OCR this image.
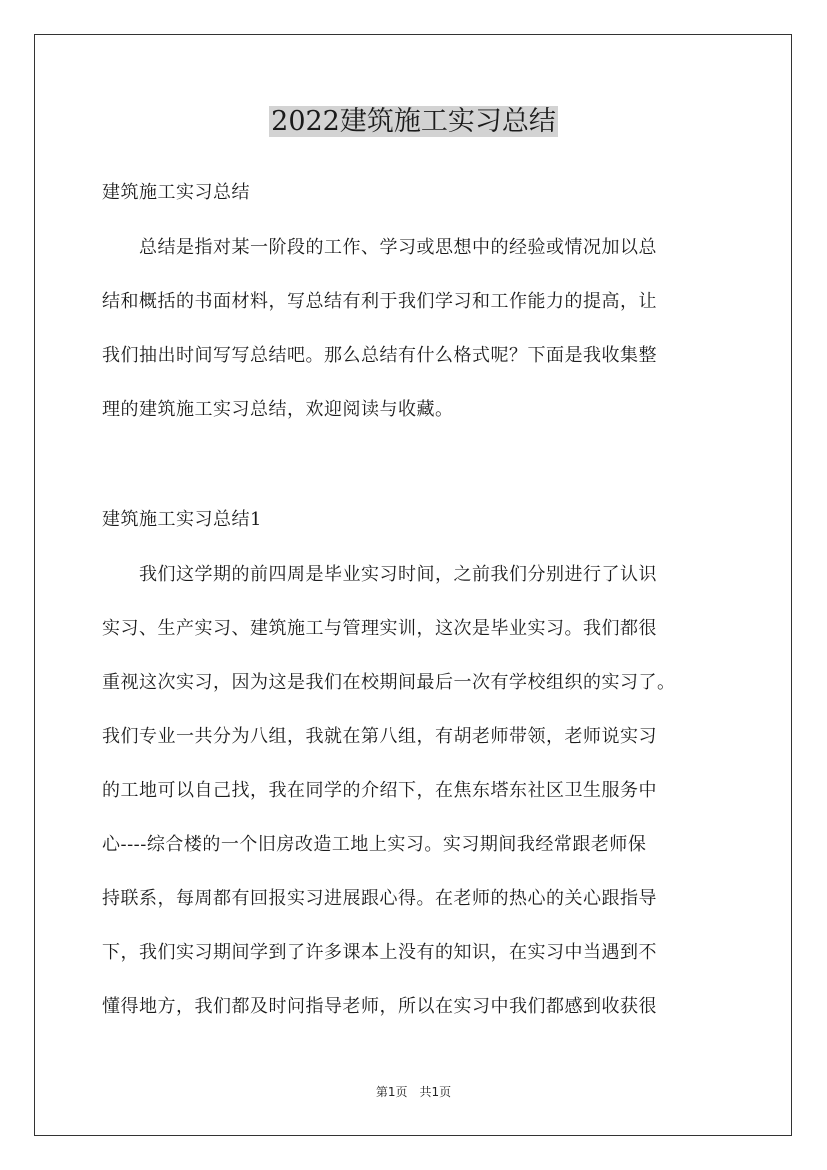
2022建筑施工实习总结

建筑施工实习总结

　　总结是指对某一阶段的工作、学习或思想中的经验或情况加以总

结和概括的书面材料，写总结有利于我们学习和工作能力的提高，让

我们抽出时间写写总结吧。那么总结有什么格式呢？下面是我收集整

理的建筑施工实习总结，欢迎阅读与收藏。

建筑施工实习总结1

　　我们这学期的前四周是毕业实习时间，之前我们分别进行了认识

实习、生产实习、建筑施工与管理实训，这次是毕业实习。我们都很

重视这次实习，因为这是我们在校期间最后一次有学校组织的实习了。

我们专业一共分为八组，我就在第八组，有胡老师带领，老师说实习

的工地可以自己找，我在同学的介绍下，在焦东塔东社区卫生服务中

心----综合楼的一个旧房改造工地上实习。实习期间我经常跟老师保

持联系，每周都有回报实习进展跟心得。在老师的热心的关心跟指导

下，我们实习期间学到了许多课本上没有的知识，在实习中当遇到不

懂得地方，我们都及时问指导老师，所以在实习中我们都感到收获很

第1页　共1页
